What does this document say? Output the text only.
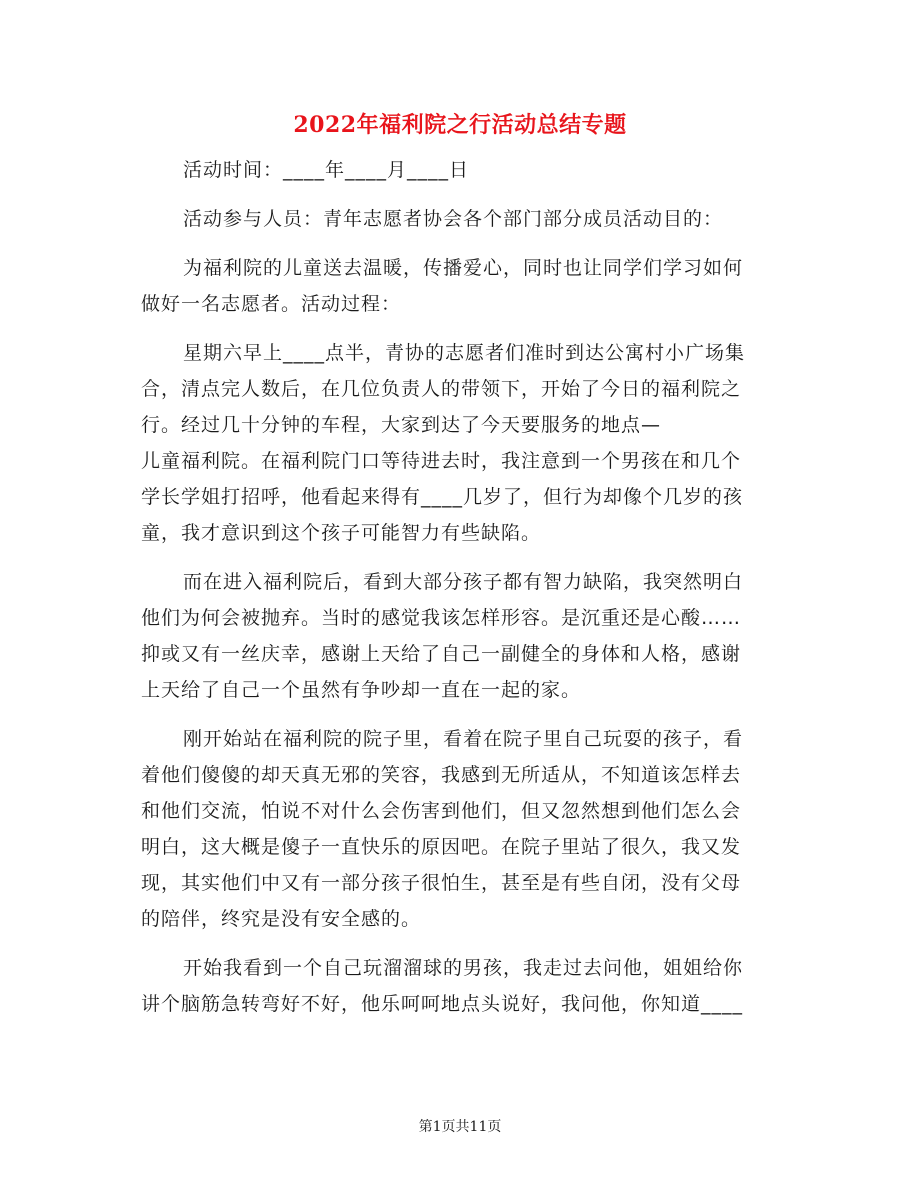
2022年福利院之行活动总结专题
活动时间：____年____月____日
活动参与人员：青年志愿者协会各个部门部分成员活动目的：
为福利院的儿童送去温暖，传播爱心，同时也让同学们学习如何
做好一名志愿者。活动过程：
星期六早上____点半，青协的志愿者们准时到达公寓村小广场集
合，清点完人数后，在几位负责人的带领下，开始了今日的福利院之
行。经过几十分钟的车程，大家到达了今天要服务的地点—
儿童福利院。在福利院门口等待进去时，我注意到一个男孩在和几个
学长学姐打招呼，他看起来得有____几岁了，但行为却像个几岁的孩
童，我才意识到这个孩子可能智力有些缺陷。
而在进入福利院后，看到大部分孩子都有智力缺陷，我突然明白
他们为何会被抛弃。当时的感觉我该怎样形容。是沉重还是心酸……
抑或又有一丝庆幸，感谢上天给了自己一副健全的身体和人格，感谢
上天给了自己一个虽然有争吵却一直在一起的家。
刚开始站在福利院的院子里，看着在院子里自己玩耍的孩子，看
着他们傻傻的却天真无邪的笑容，我感到无所适从，不知道该怎样去
和他们交流，怕说不对什么会伤害到他们，但又忽然想到他们怎么会
明白，这大概是傻子一直快乐的原因吧。在院子里站了很久，我又发
现，其实他们中又有一部分孩子很怕生，甚至是有些自闭，没有父母
的陪伴，终究是没有安全感的。
开始我看到一个自己玩溜溜球的男孩，我走过去问他，姐姐给你
讲个脑筋急转弯好不好，他乐呵呵地点头说好，我问他，你知道____
第1页共11页
